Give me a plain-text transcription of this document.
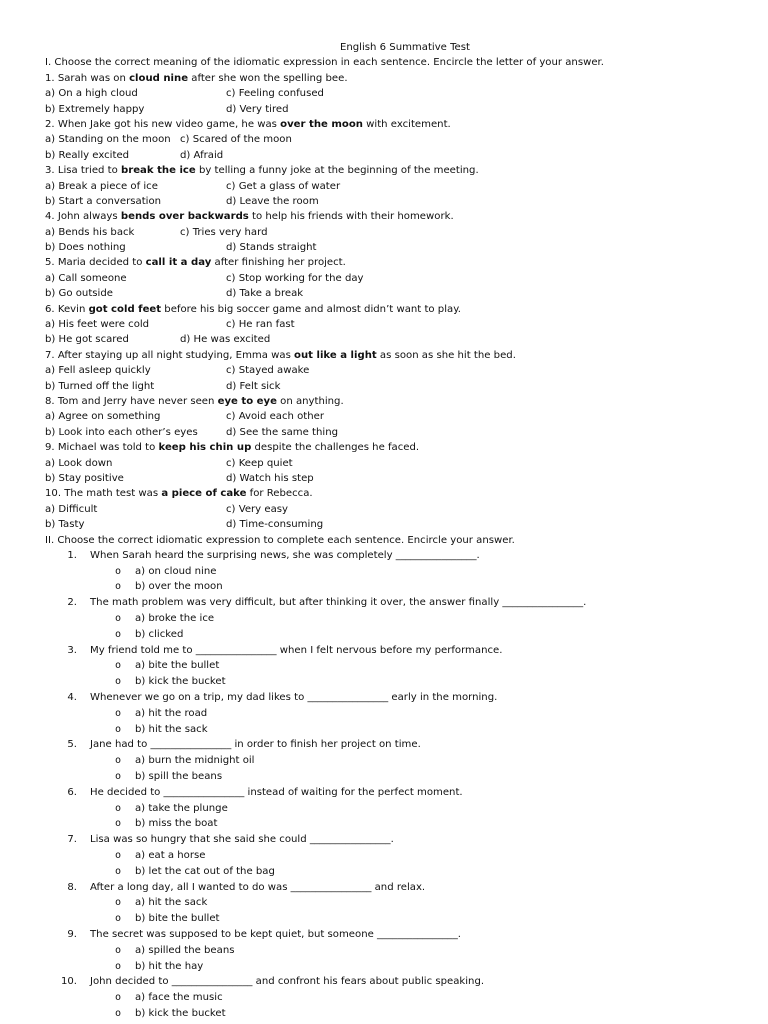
English 6 Summative Test
I. Choose the correct meaning of the idiomatic expression in each sentence. Encircle the letter of your answer.
1. Sarah was on cloud nine after she won the spelling bee.
a) On a high cloud	c) Feeling confused
b) Extremely happy	d) Very tired
2. When Jake got his new video game, he was over the moon with excitement.
a) Standing on the moon c) Scared of the moon
b) Really excited	d) Afraid
3. Lisa tried to break the ice by telling a funny joke at the beginning of the meeting.
a) Break a piece of ice	c) Get a glass of water
b) Start a conversation	d) Leave the room
4. John always bends over backwards to help his friends with their homework.
a) Bends his back	c) Tries very hard
b) Does nothing	d) Stands straight
5. Maria decided to call it a day after finishing her project.
a) Call someone	c) Stop working for the day
b) Go outside	d) Take a break
6. Kevin got cold feet before his big soccer game and almost didn’t want to play.
a) His feet were cold	c) He ran fast
b) He got scared	d) He was excited
7. After staying up all night studying, Emma was out like a light as soon as she hit the bed.
a) Fell asleep quickly	c) Stayed awake
b) Turned off the light	d) Felt sick
8. Tom and Jerry have never seen eye to eye on anything.
a) Agree on something	c) Avoid each other
b) Look into each other’s eyes	d) See the same thing
9. Michael was told to keep his chin up despite the challenges he faced.
a) Look down	c) Keep quiet
b) Stay positive	d) Watch his step
10. The math test was a piece of cake for Rebecca.
a) Difficult	c) Very easy
b) Tasty	d) Time-consuming
II. Choose the correct idiomatic expression to complete each sentence. Encircle your answer.
1. When Sarah heard the surprising news, she was completely ________________.
o a) on cloud nine
o b) over the moon
2. The math problem was very difficult, but after thinking it over, the answer finally ________________.
o a) broke the ice
o b) clicked
3. My friend told me to ________________ when I felt nervous before my performance.
o a) bite the bullet
o b) kick the bucket
4. Whenever we go on a trip, my dad likes to ________________ early in the morning.
o a) hit the road
o b) hit the sack
5. Jane had to ________________ in order to finish her project on time.
o a) burn the midnight oil
o b) spill the beans
6. He decided to ________________ instead of waiting for the perfect moment.
o a) take the plunge
o b) miss the boat
7. Lisa was so hungry that she said she could ________________.
o a) eat a horse
o b) let the cat out of the bag
8. After a long day, all I wanted to do was ________________ and relax.
o a) hit the sack
o b) bite the bullet
9. The secret was supposed to be kept quiet, but someone ________________.
o a) spilled the beans
o b) hit the hay
10. John decided to ________________ and confront his fears about public speaking.
o a) face the music
o b) kick the bucket
